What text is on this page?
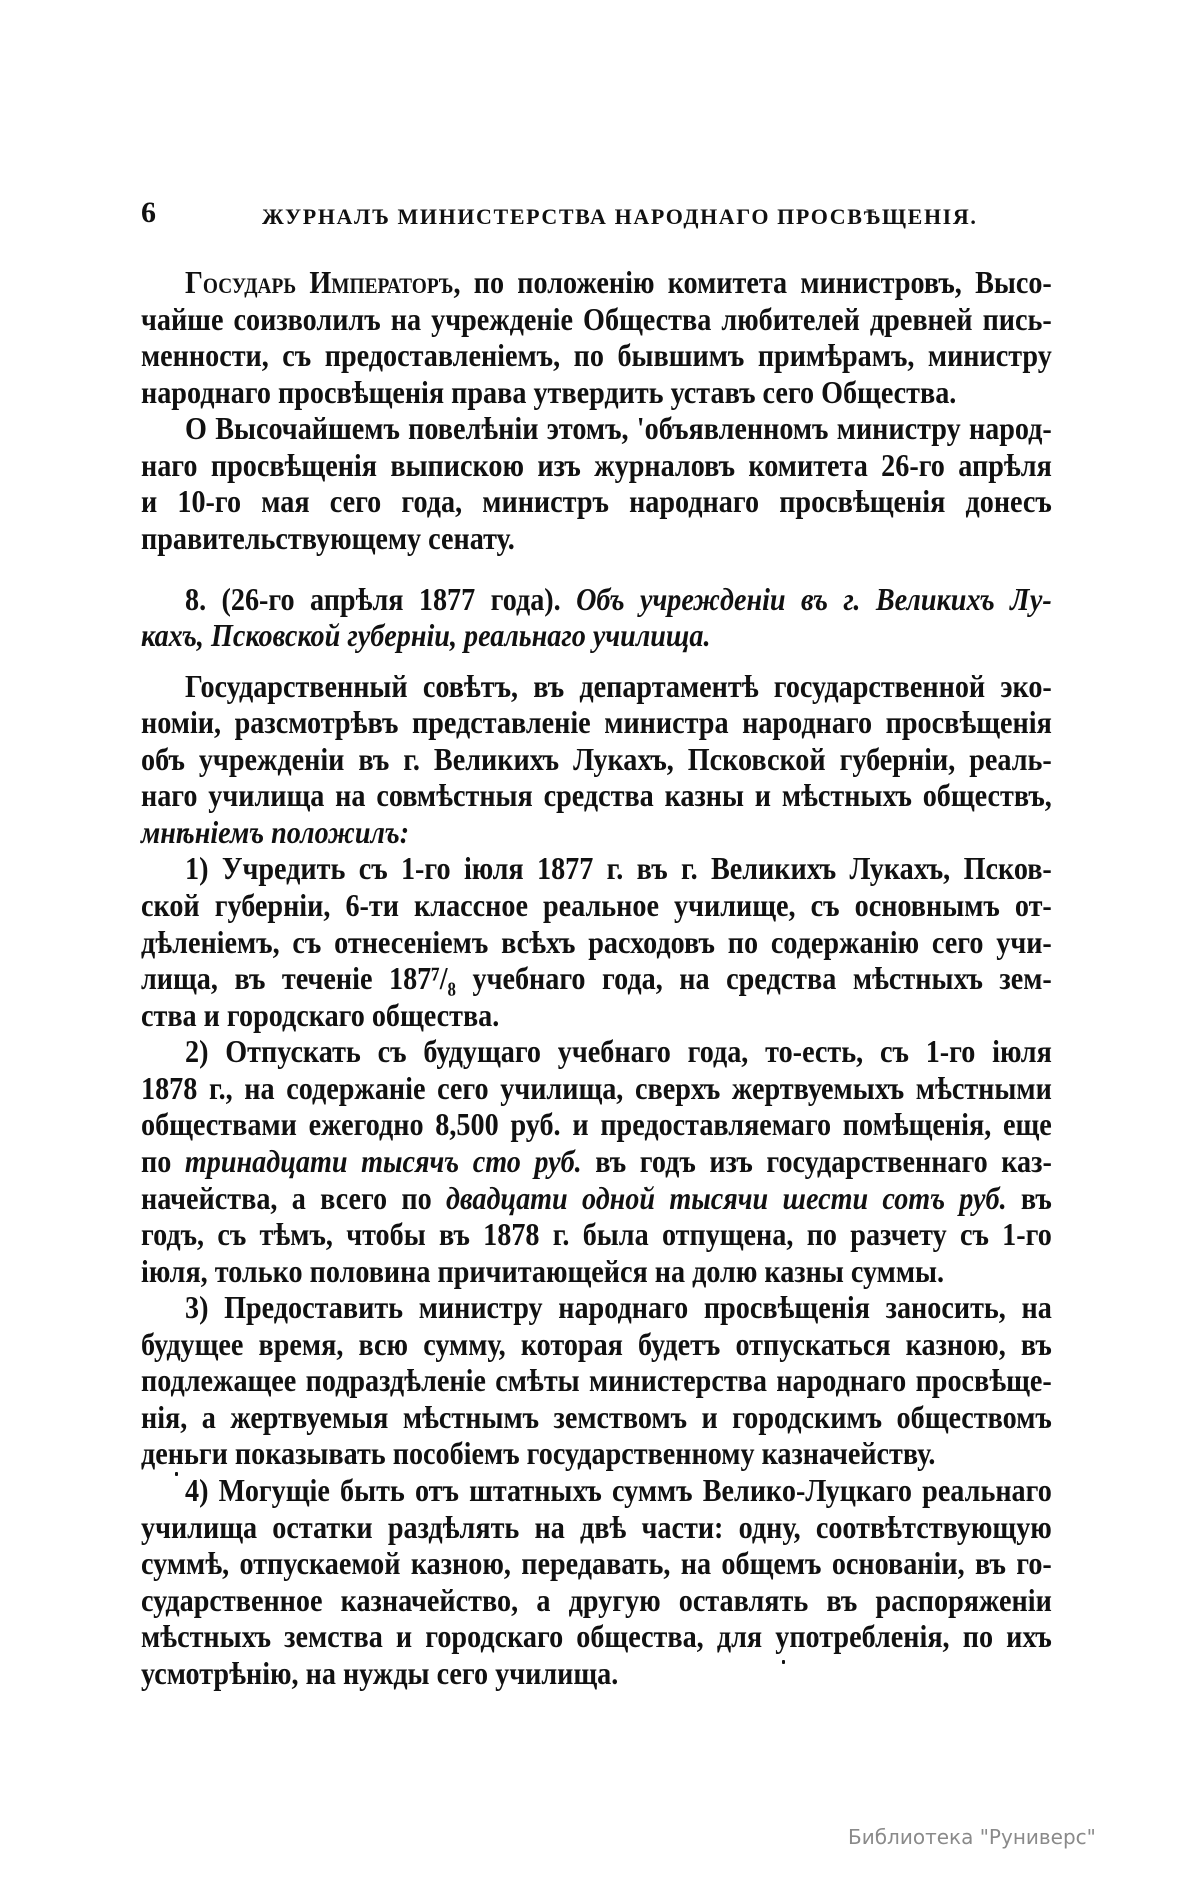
6	ЖУРНАЛЪ МИНИСТЕРСТВА НАРОДНАГО ПРОСВѢЩЕНІЯ.
Государь Императоръ, по положенію комитета министровъ, Высо-
чайше соизволилъ на учрежденіе Общества любителей древней пись-
менности, съ предоставленіемъ, по бывшимъ примѣрамъ, министру
народнаго просвѣщенія права утвердить уставъ сего Общества.
О Высочайшемъ повелѣніи этомъ, 'объявленномъ министру народ-
наго просвѣщенія выпискою изъ журналовъ комитета 26-го апрѣля
и 10-го мая сего года, министръ народнаго просвѣщенія донесъ
правительствующему сенату.
8. (26-го апрѣля 1877 года). Объ учрежденіи въ г. Великихъ Лу-
кахъ, Псковской губерніи, реальнаго училища.
Государственный совѣтъ, въ департаментѣ государственной эко-
номіи, разсмотрѣвъ представленіе министра народнаго просвѣщенія
объ учрежденіи въ г. Великихъ Лукахъ, Псковской губерніи, реаль-
наго училища на совмѣстныя средства казны и мѣстныхъ обществъ,
мнѣніемъ положилъ:
1) Учредить съ 1-го іюля 1877 г. въ г. Великихъ Лукахъ, Псков-
ской губерніи, 6-ти классное реальное училище, съ основнымъ от-
дѣленіемъ, съ отнесеніемъ всѣхъ расходовъ по содержанію сего учи-
лища, въ теченіе 187⁷/₈ учебнаго года, на средства мѣстныхъ зем-
ства и городскаго общества.
2) Отпускать съ будущаго учебнаго года, то-есть, съ 1-го іюля
1878 г., на содержаніе сего училища, сверхъ жертвуемыхъ мѣстными
обществами ежегодно 8,500 руб. и предоставляемаго помѣщенія, еще
по тринадцати тысячъ сто руб. въ годъ изъ государственнаго каз-
начейства, а всего по двадцати одной тысячи шести сотъ руб. въ
годъ, съ тѣмъ, чтобы въ 1878 г. была отпущена, по разчету съ 1-го
іюля, только половина причитающейся на долю казны суммы.
3) Предоставить министру народнаго просвѣщенія заносить, на
будущее время, всю сумму, которая будетъ отпускаться казною, въ
подлежащее подраздѣленіе смѣты министерства народнаго просвѣще-
нія, а жертвуемыя мѣстнымъ земствомъ и городскимъ обществомъ
деньги показывать пособіемъ государственному казначейству.
4) Могущіе быть отъ штатныхъ суммъ Велико-Луцкаго реальнаго
училища остатки раздѣлять на двѣ части: одну, соотвѣтствующую
суммѣ, отпускаемой казною, передавать, на общемъ основаніи, въ го-
сударственное казначейство, а другую оставлять въ распоряженіи
мѣстныхъ земства и городскаго общества, для употребленія, по ихъ
усмотрѣнію, на нужды сего училища.
Библиотека "Руниверс"
